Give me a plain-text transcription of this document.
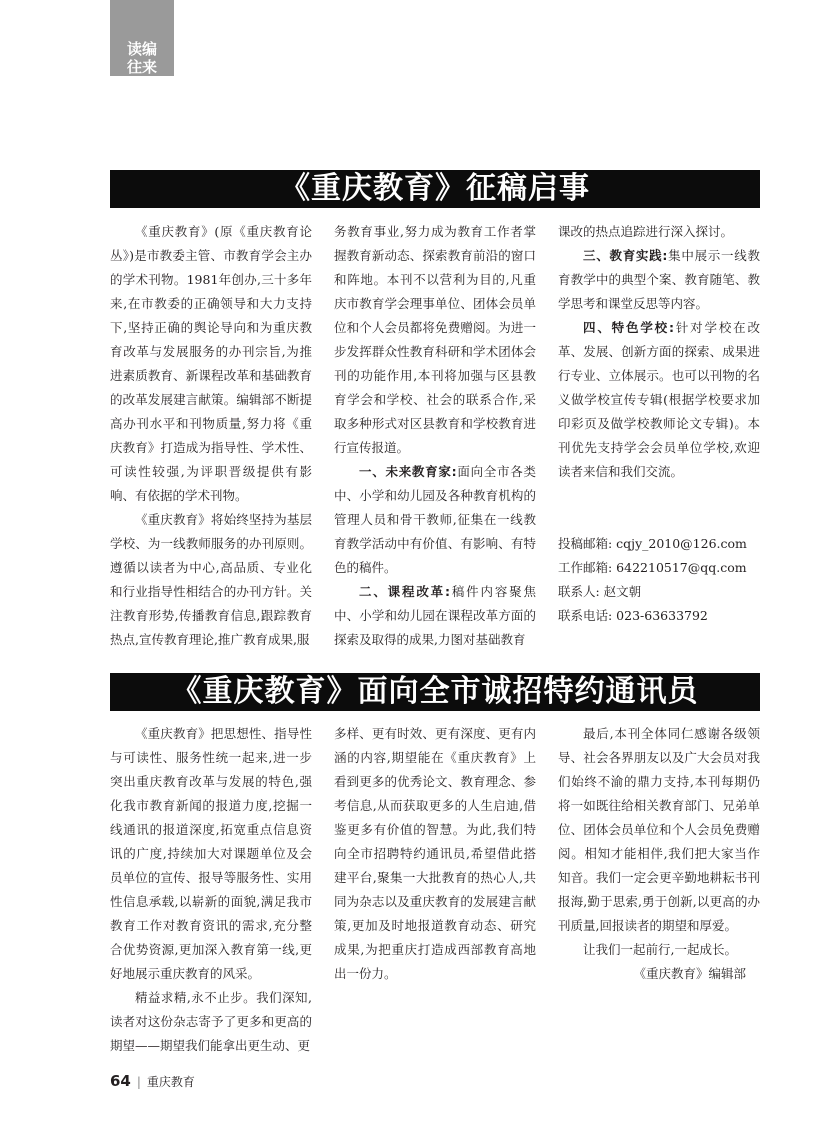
读编
往来
《重庆教育》征稿启事

《重庆教育》(原《重庆教育论丛》)是市教委主管、市教育学会主办的学术刊物。1981年创办,三十多年来,在市教委的正确领导和大力支持下,坚持正确的舆论导向和为重庆教育改革与发展服务的办刊宗旨,为推进素质教育、新课程改革和基础教育的改革发展建言献策。编辑部不断提高办刊水平和刊物质量,努力将《重庆教育》打造成为指导性、学术性、可读性较强,为评职晋级提供有影响、有依据的学术刊物。

《重庆教育》将始终坚持为基层学校、为一线教师服务的办刊原则。遵循以读者为中心,高品质、专业化和行业指导性相结合的办刊方针。关注教育形势,传播教育信息,跟踪教育热点,宣传教育理论,推广教育成果,服

务教育事业,努力成为教育工作者掌握教育新动态、探索教育前沿的窗口和阵地。本刊不以营利为目的,凡重庆市教育学会理事单位、团体会员单位和个人会员都将免费赠阅。为进一步发挥群众性教育科研和学术团体会刊的功能作用,本刊将加强与区县教育学会和学校、社会的联系合作,采取多种形式对区县教育和学校教育进行宣传报道。

一、未来教育家:面向全市各类中、小学和幼儿园及各种教育机构的管理人员和骨干教师,征集在一线教育教学活动中有价值、有影响、有特色的稿件。

二、课程改革:稿件内容聚焦中、小学和幼儿园在课程改革方面的探索及取得的成果,力图对基础教育

课改的热点追踪进行深入探讨。

三、教育实践:集中展示一线教育教学中的典型个案、教育随笔、教学思考和课堂反思等内容。

四、特色学校:针对学校在改革、发展、创新方面的探索、成果进行专业、立体展示。也可以刊物的名义做学校宣传专辑(根据学校要求加印彩页及做学校教师论文专辑)。本刊优先支持学会会员单位学校,欢迎读者来信和我们交流。

投稿邮箱: cqjy_2010@126.com

工作邮箱: 642210517@qq.com

联系人: 赵文朝

联系电话: 023-63633792

《重庆教育》面向全市诚招特约通讯员

《重庆教育》把思想性、指导性与可读性、服务性统一起来,进一步突出重庆教育改革与发展的特色,强化我市教育新闻的报道力度,挖掘一线通讯的报道深度,拓宽重点信息资讯的广度,持续加大对课题单位及会员单位的宣传、报导等服务性、实用性信息承载,以崭新的面貌,满足我市教育工作对教育资讯的需求,充分整合优势资源,更加深入教育第一线,更好地展示重庆教育的风采。

精益求精,永不止步。我们深知,读者对这份杂志寄予了更多和更高的期望——期望我们能拿出更生动、更

多样、更有时效、更有深度、更有内涵的内容,期望能在《重庆教育》上看到更多的优秀论文、教育理念、参考信息,从而获取更多的人生启迪,借鉴更多有价值的智慧。为此,我们特向全市招聘特约通讯员,希望借此搭建平台,聚集一大批教育的热心人,共同为杂志以及重庆教育的发展建言献策,更加及时地报道教育动态、研究成果,为把重庆打造成西部教育高地出一份力。

最后,本刊全体同仁感谢各级领导、社会各界朋友以及广大会员对我们始终不渝的鼎力支持,本刊每期仍将一如既往给相关教育部门、兄弟单位、团体会员单位和个人会员免费赠阅。相知才能相伴,我们把大家当作知音。我们一定会更辛勤地耕耘书刊报海,勤于思索,勇于创新,以更高的办刊质量,回报读者的期望和厚爱。

让我们一起前行,一起成长。

《重庆教育》编辑部

64 | 重庆教育
